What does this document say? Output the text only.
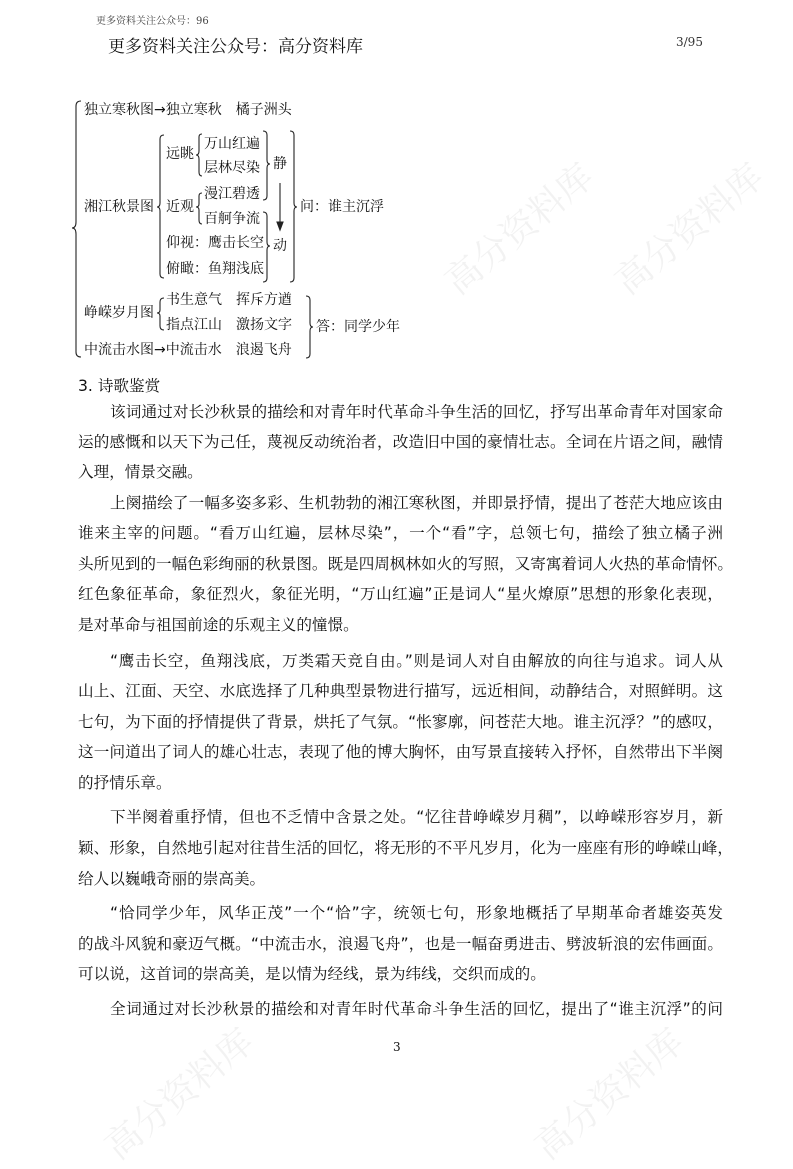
高分资料库 高分资料库
高分资料库	高分资料库
更多资料关注公众号：96
更多资料关注公众号：高分资料库	3/95
独立寒秋图→独立寒秋　橘子洲头
湘江秋景图
远眺
万山红遍
层林尽染 静
近观
漫江碧透
百舸争流
仰视：鹰击长空
俯瞰：鱼翔浅底
动
问：谁主沉浮
峥嵘岁月图
书生意气　挥斥方遒
指点江山　激扬文字 答：同学少年
中流击水图→中流击水　浪遏飞舟
3. 诗歌鉴赏
该词通过对长沙秋景的描绘和对青年时代革命斗争生活的回忆，抒写出革命青年对国家命
运的感慨和以天下为己任，蔑视反动统治者，改造旧中国的豪情壮志。全词在片语之间，融情
入理，情景交融。
上阕描绘了一幅多姿多彩、生机勃勃的湘江寒秋图，并即景抒情，提出了苍茫大地应该由
谁来主宰的问题。“看万山红遍，层林尽染”，一个“看”字，总领七句，描绘了独立橘子洲
头所见到的一幅色彩绚丽的秋景图。既是四周枫林如火的写照，又寄寓着词人火热的革命情怀。
红色象征革命，象征烈火，象征光明，“万山红遍”正是词人“星火燎原”思想的形象化表现，
是对革命与祖国前途的乐观主义的憧憬。
“鹰击长空，鱼翔浅底，万类霜天竞自由。”则是词人对自由解放的向往与追求。词人从
山上、江面、天空、水底选择了几种典型景物进行描写，远近相间，动静结合，对照鲜明。这
七句，为下面的抒情提供了背景，烘托了气氛。“怅寥廓，问苍茫大地。谁主沉浮？”的感叹，
这一问道出了词人的雄心壮志，表现了他的博大胸怀，由写景直接转入抒怀，自然带出下半阕
的抒情乐章。
下半阕着重抒情，但也不乏情中含景之处。“忆往昔峥嵘岁月稠”，以峥嵘形容岁月，新
颖、形象，自然地引起对往昔生活的回忆，将无形的不平凡岁月，化为一座座有形的峥嵘山峰，
给人以巍峨奇丽的崇高美。
“恰同学少年，风华正茂”一个“恰”字，统领七句，形象地概括了早期革命者雄姿英发
的战斗风貌和豪迈气概。“中流击水，浪遏飞舟”，也是一幅奋勇进击、劈波斩浪的宏伟画面。
可以说，这首词的崇高美，是以情为经线，景为纬线，交织而成的。
全词通过对长沙秋景的描绘和对青年时代革命斗争生活的回忆，提出了“谁主沉浮”的问
3
